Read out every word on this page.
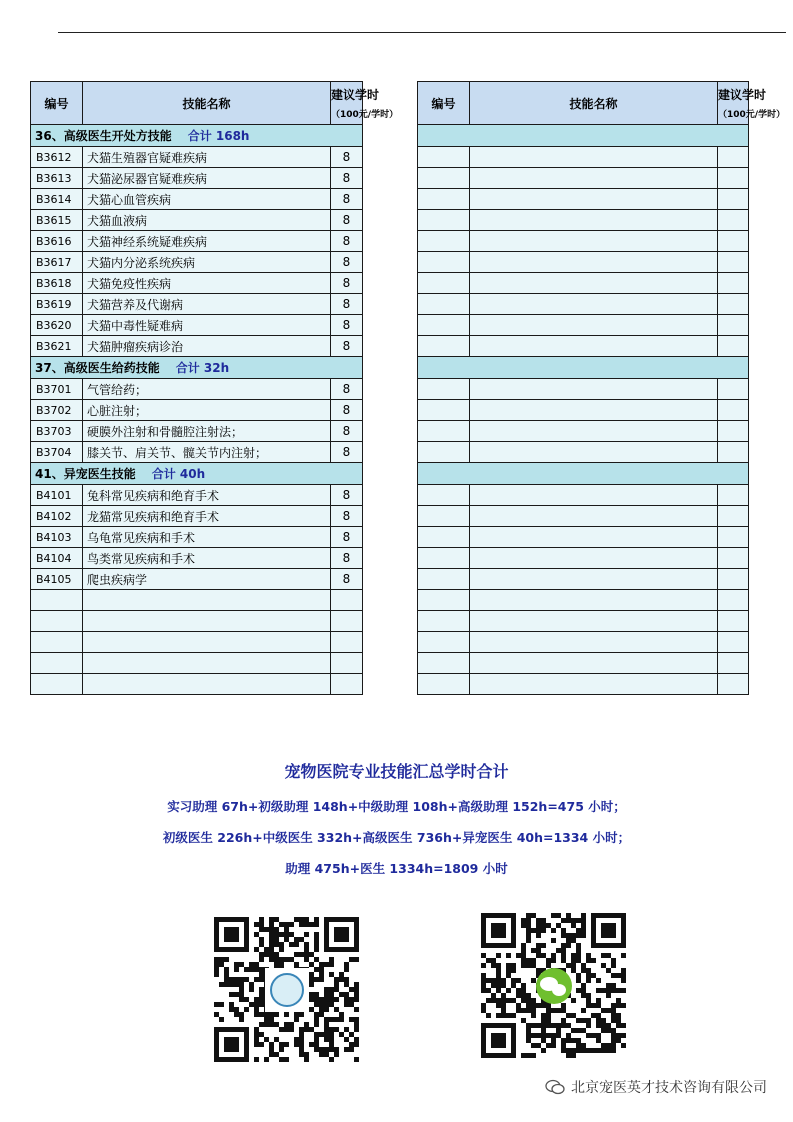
编号	技能名称	建议学时
（100元/学时）

36、高级医生开处方技能 合计 168h		
B3612	犬猫生殖器官疑难疾病	8
B3613	犬猫泌尿器官疑难疾病	8
B3614	犬猫心血管疾病	8
B3615	犬猫血液病	8
B3616	犬猫神经系统疑难疾病	8
B3617	犬猫内分泌系统疾病	8
B3618	犬猫免疫性疾病	8
B3619	犬猫营养及代谢病	8
B3620	犬猫中毒性疑难病	8
B3621	犬猫肿瘤疾病诊治	8
37、高级医生给药技能 合计 32h		
B3701	气管给药；	8
B3702	心脏注射；	8
B3703	硬膜外注射和骨髓腔注射法；	8
B3704	膝关节、肩关节、髋关节内注射；	8
41、异宠医生技能 合计 40h		
B4101	兔科常见疾病和绝育手术	8
B4102	龙猫常见疾病和绝育手术	8
B4103	乌龟常见疾病和手术	8
B4104	鸟类常见疾病和手术	8
B4105	爬虫疾病学	8

编号	技能名称	建议学时
（100元/学时）

宠物医院专业技能汇总学时合计
实习助理 67h+初级助理 148h+中级助理 108h+高级助理 152h=475 小时；
初级医生 226h+中级医生 332h+高级医生 736h+异宠医生 40h=1334 小时；
助理 475h+医生 1334h=1809 小时
北京宠医英才技术咨询有限公司
